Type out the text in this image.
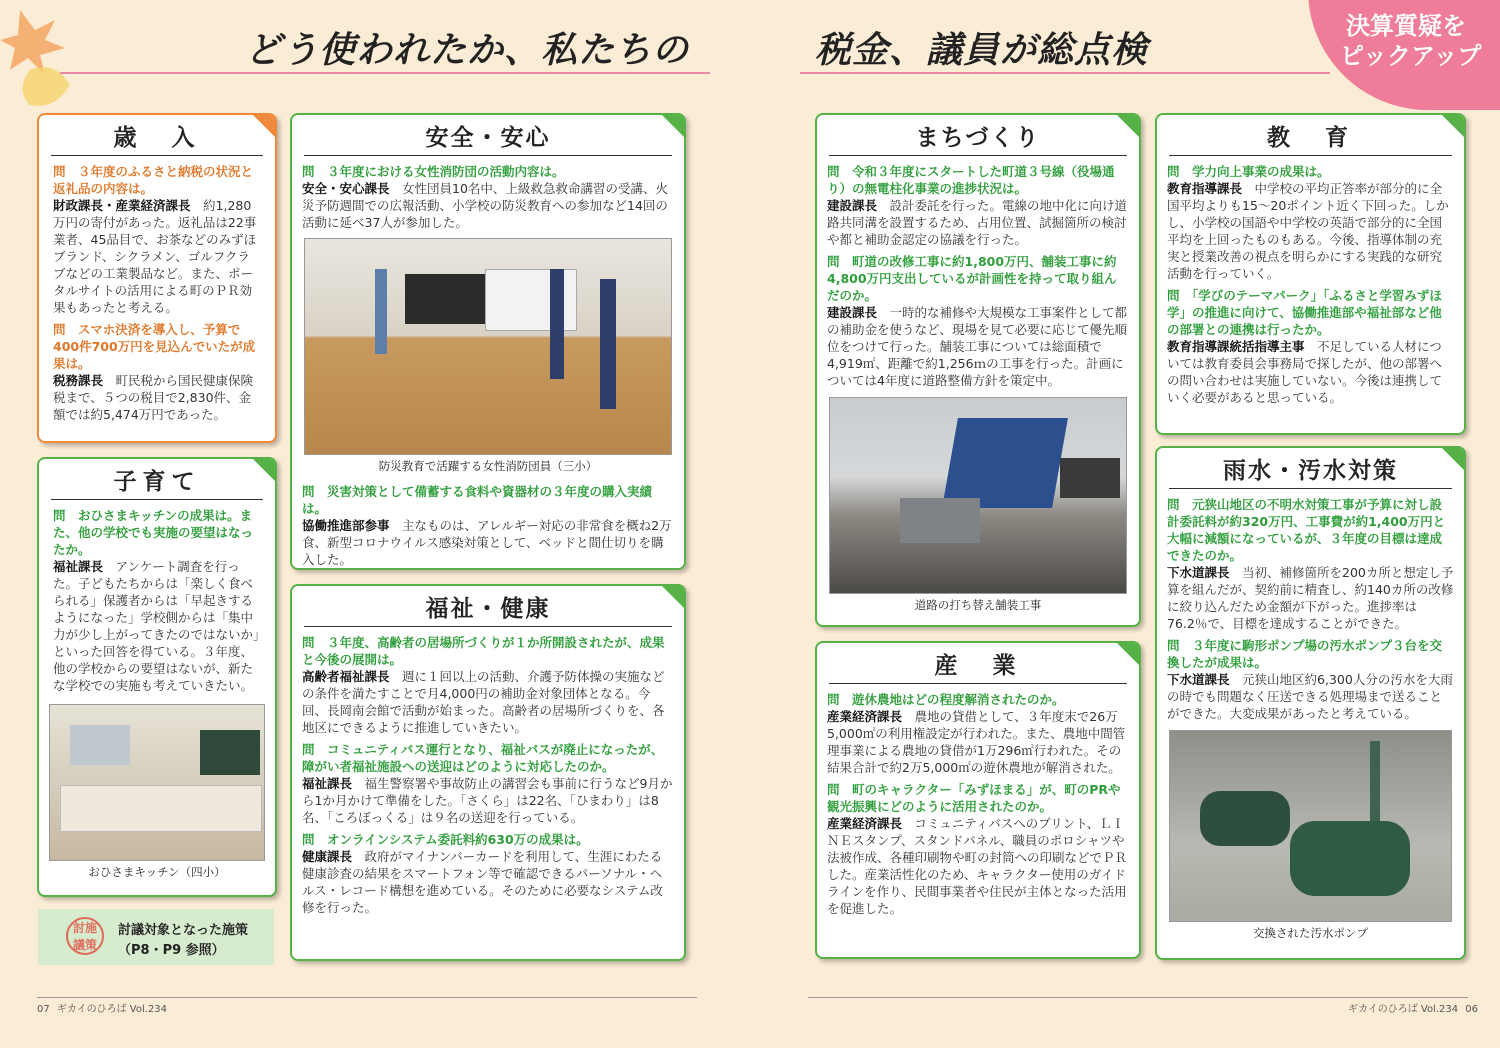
どう使われたか、私たちの	税金、議員が総点検
決算質疑を
ピックアップ
歳　入
問　３年度のふるさと納税の状況と返礼品の内容は。
財政課長・産業経済課長　 約1,280万円の寄付があった。返礼品は22事業者、45品目で、お茶などのみずほブランド、シクラメン、ゴルフクラブなどの工業製品など。また、ポータルサイトの活用による町のＰＲ効果もあったと考える。
問　スマホ決済を導入し、予算で400件700万円を見込んでいたが成果は。
税務課長　 町民税から国民健康保険税まで、５つの税目で2,830件、金額では約5,474万円であった。
子育て
問　おひさまキッチンの成果は。また、他の学校でも実施の要望はなったか。
福祉課長　 アンケート調査を行った。子どもたちからは「楽しく食べられる」保護者からは「早起きするようになった」学校側からは「集中力が少し上がってきたのではないか」といった回答を得ている。３年度、他の学校からの要望はないが、新たな学校での実施も考えていきたい。
おひさまキッチン（四小）
討施議策
討議対象となった施策
（P8・P9 参照）
安全・安心
問　３年度における女性消防団の活動内容は。
安全・安心課長　 女性団員10名中、上級救急救命講習の受講、火災予防週間での広報活動、小学校の防災教育への参加など14回の活動に延べ37人が参加した。
防災教育で活躍する女性消防団員（三小）
問　災害対策として備蓄する食料や資器材の３年度の購入実績は。
協働推進部参事　 主なものは、アレルギー対応の非常食を概ね2万食、新型コロナウイルス感染対策として、ベッドと間仕切りを購入した。
福祉・健康
問　３年度、高齢者の居場所づくりが１か所開設されたが、成果と今後の展開は。
高齢者福祉課長　 週に１回以上の活動、介護予防体操の実施などの条件を満たすことで月4,000円の補助金対象団体となる。今回、長岡南会館で活動が始まった。高齢者の居場所づくりを、各地区にできるように推進していきたい。
問　コミュニティバス運行となり、福祉バスが廃止になったが、障がい者福祉施設への送迎はどのように対応したのか。
福祉課長　 福生警察署や事故防止の講習会も事前に行うなど9月から1か月かけて準備をした。「さくら」は22名、「ひまわり」は8名、「ころぼっくる」は９名の送迎を行っている。
問　オンラインシステム委託料約630万の成果は。
健康課長　 政府がマイナンバーカードを利用して、生涯にわたる健康診査の結果をスマートフォン等で確認できるパーソナル・ヘルス・レコード構想を進めている。そのために必要なシステム改修を行った。
まちづくり
問　令和３年度にスタートした町道３号線（役場通り）の無電柱化事業の進捗状況は。
建設課長　 設計委託を行った。電線の地中化に向け道路共同溝を設置するため、占用位置、試掘箇所の検討や都と補助金認定の協議を行った。
問　町道の改修工事に約1,800万円、舗装工事に約4,800万円支出しているが計画性を持って取り組んだのか。
建設課長　 一時的な補修や大規模な工事案件として都の補助金を使うなど、現場を見て必要に応じて優先順位をつけて行った。舗装工事については総面積で4,919㎡、距離で約1,256ｍの工事を行った。計画については4年度に道路整備方針を策定中。
道路の打ち替え舗装工事
産　業
問　遊休農地はどの程度解消されたのか。
産業経済課長　 農地の貸借として、３年度末で26万5,000㎡の利用権設定が行われた。また、農地中間管理事業による農地の貸借が1万296㎡行われた。その結果合計で約2万5,000㎡の遊休農地が解消された。
問　町のキャラクター「みずほまる」が、町のPRや観光振興にどのように活用されたのか。
産業経済課長　 コミュニティバスへのプリント、ＬＩＮＥスタンプ、スタンドパネル、職員のポロシャツや法被作成、各種印刷物や町の封筒への印刷などでＰＲした。産業活性化のため、キャラクター使用のガイドラインを作り、民間事業者や住民が主体となった活用を促進した。
教　育
問　学力向上事業の成果は。
教育指導課長　 中学校の平均正答率が部分的に全国平均よりも15～20ポイント近く下回った。しかし、小学校の国語や中学校の英語で部分的に全国平均を上回ったものもある。今後、指導体制の充実と授業改善の視点を明らかにする実践的な研究活動を行っていく。
問　「学びのテーマパーク」「ふるさと学習みずほ学」の推進に向けて、協働推進部や福祉部など他の部署との連携は行ったか。
教育指導課統括指導主事　 不足している人材については教育委員会事務局で探したが、他の部署への問い合わせは実施していない。今後は連携していく必要があると思っている。
雨水・汚水対策
問　元狭山地区の不明水対策工事が予算に対し設計委託料が約320万円、工事費が約1,400万円と大幅に減額になっているが、３年度の目標は達成できたのか。
下水道課長　 当初、補修箇所を200カ所と想定し予算を組んだが、契約前に精査し、約140カ所の改修に絞り込んだため金額が下がった。進捗率は76.2％で、目標を達成することができた。
問　３年度に駒形ポンプ場の汚水ポンプ３台を交換したが成果は。
下水道課長　 元狭山地区約6,300人分の汚水を大雨の時でも問題なく圧送できる処理場まで送ることができた。大変成果があったと考えている。
交換された汚水ポンプ
07 ギカイのひろば Vol.234	ギカイのひろば Vol.234 06
